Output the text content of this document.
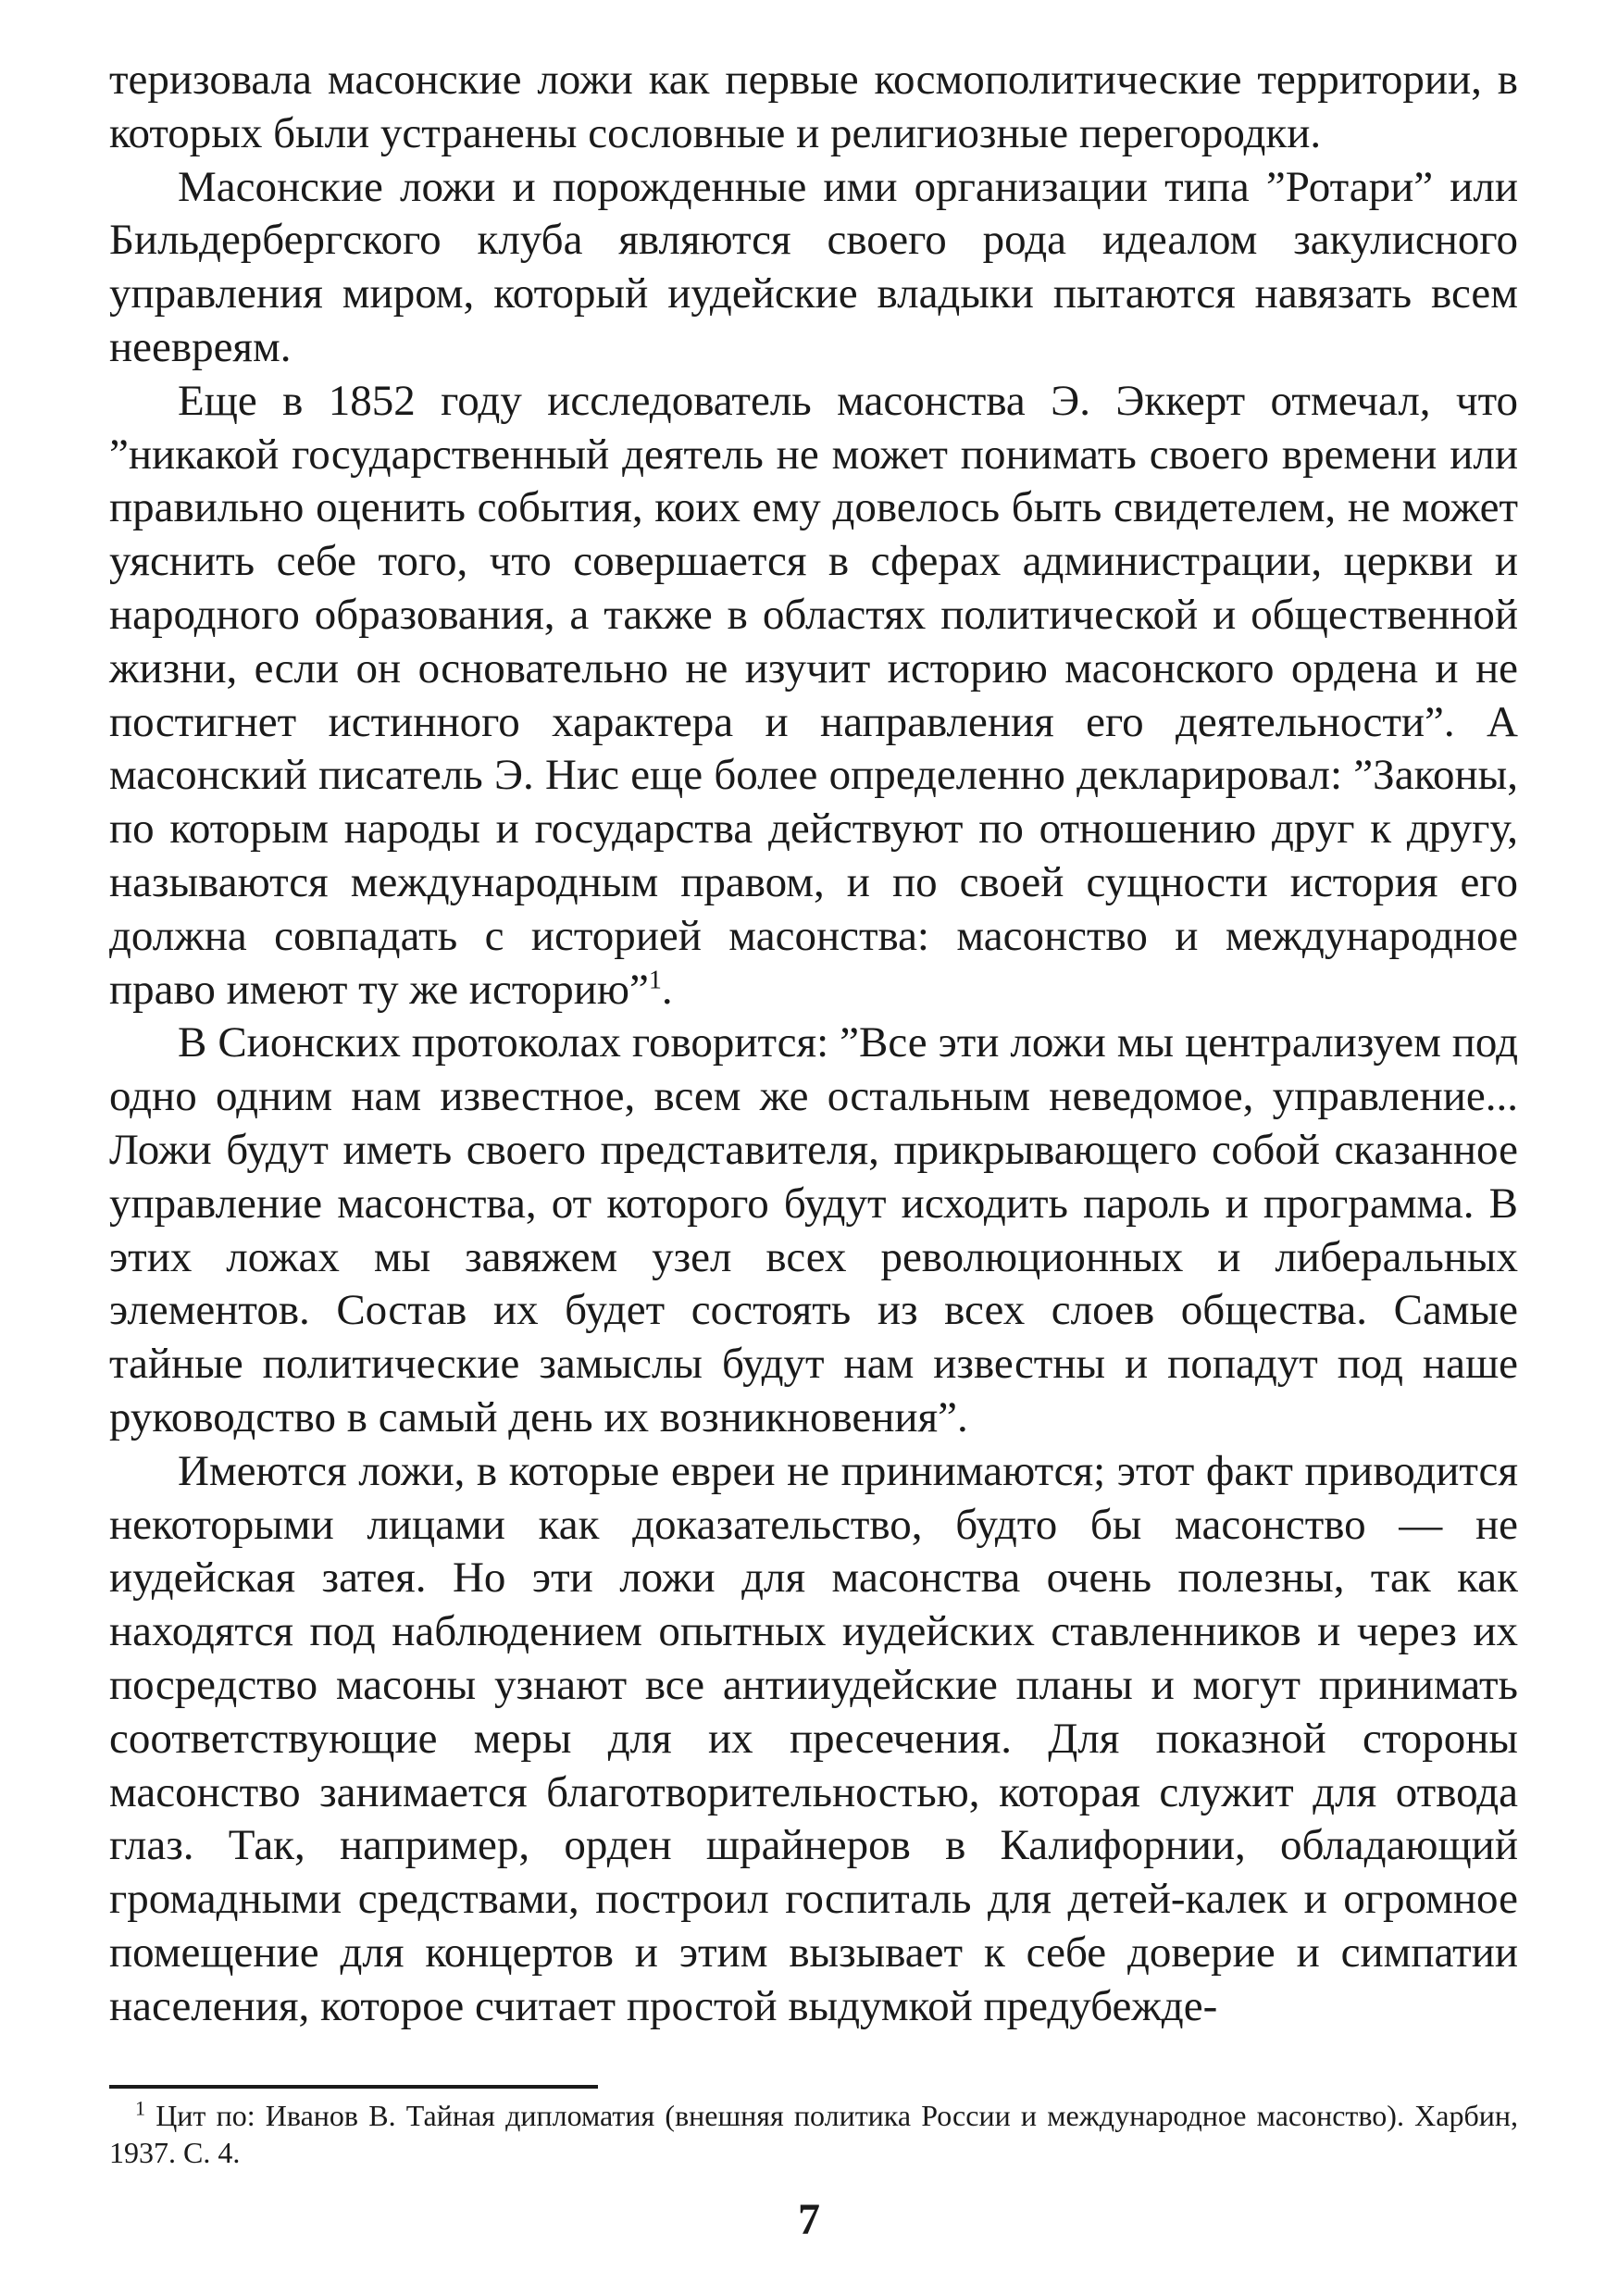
теризовала масонские ложи как первые космополитические территории, в которых были устранены сословные и религиозные перегородки.

Масонские ложи и порожденные ими организации типа ”Ротари” или Бильдербергского клуба являются своего рода идеалом закулисного управления миром, который иудейские владыки пытаются навязать всем неевреям.

Еще в 1852 году исследователь масонства Э. Эккерт отмечал, что ”никакой государственный деятель не может понимать своего времени или правильно оценить события, коих ему довелось быть свидетелем, не может уяснить себе того, что совершается в сферах администрации, церкви и народного образования, а также в областях политической и общественной жизни, если он основательно не изучит историю масонского ордена и не постигнет истинного характера и направления его деятельности”. А масонский писатель Э. Нис еще более определенно декларировал: ”Законы, по которым народы и государства действуют по отношению друг к другу, называются международным правом, и по своей сущности история его должна совпадать с историей масонства: масонство и международное право имеют ту же историю”$^1$.

В Сионских протоколах говорится: ”Все эти ложи мы централизуем под одно одним нам известное, всем же остальным неведомое, управление... Ложи будут иметь своего представителя, прикрывающего собой сказанное управление масонства, от которого будут исходить пароль и программа. В этих ложах мы завяжем узел всех революционных и либеральных элементов. Состав их будет состоять из всех слоев общества. Самые тайные политические замыслы будут нам известны и попадут под наше руководство в самый день их возникновения”.

Имеются ложи, в которые евреи не принимаются; этот факт приводится некоторыми лицами как доказательство, будто бы масонство — не иудейская затея. Но эти ложи для масонства очень полезны, так как находятся под наблюдением опытных иудейских ставленников и через их посредство масоны узнают все антииудейские планы и могут принимать соответствующие меры для их пресечения. Для показной стороны масонство занимается благотворительностью, которая служит для отвода глаз. Так, например, орден шрайнеров в Калифорнии, обладающий громадными средствами, построил госпиталь для детей-калек и огромное помещение для концертов и этим вызывает к себе доверие и симпатии населения, которое считает простой выдумкой предубежде-

$^1$ Цит по: Иванов В. Тайная дипломатия (внешняя политика России и международное масонство). Харбин, 1937. С. 4.
7
